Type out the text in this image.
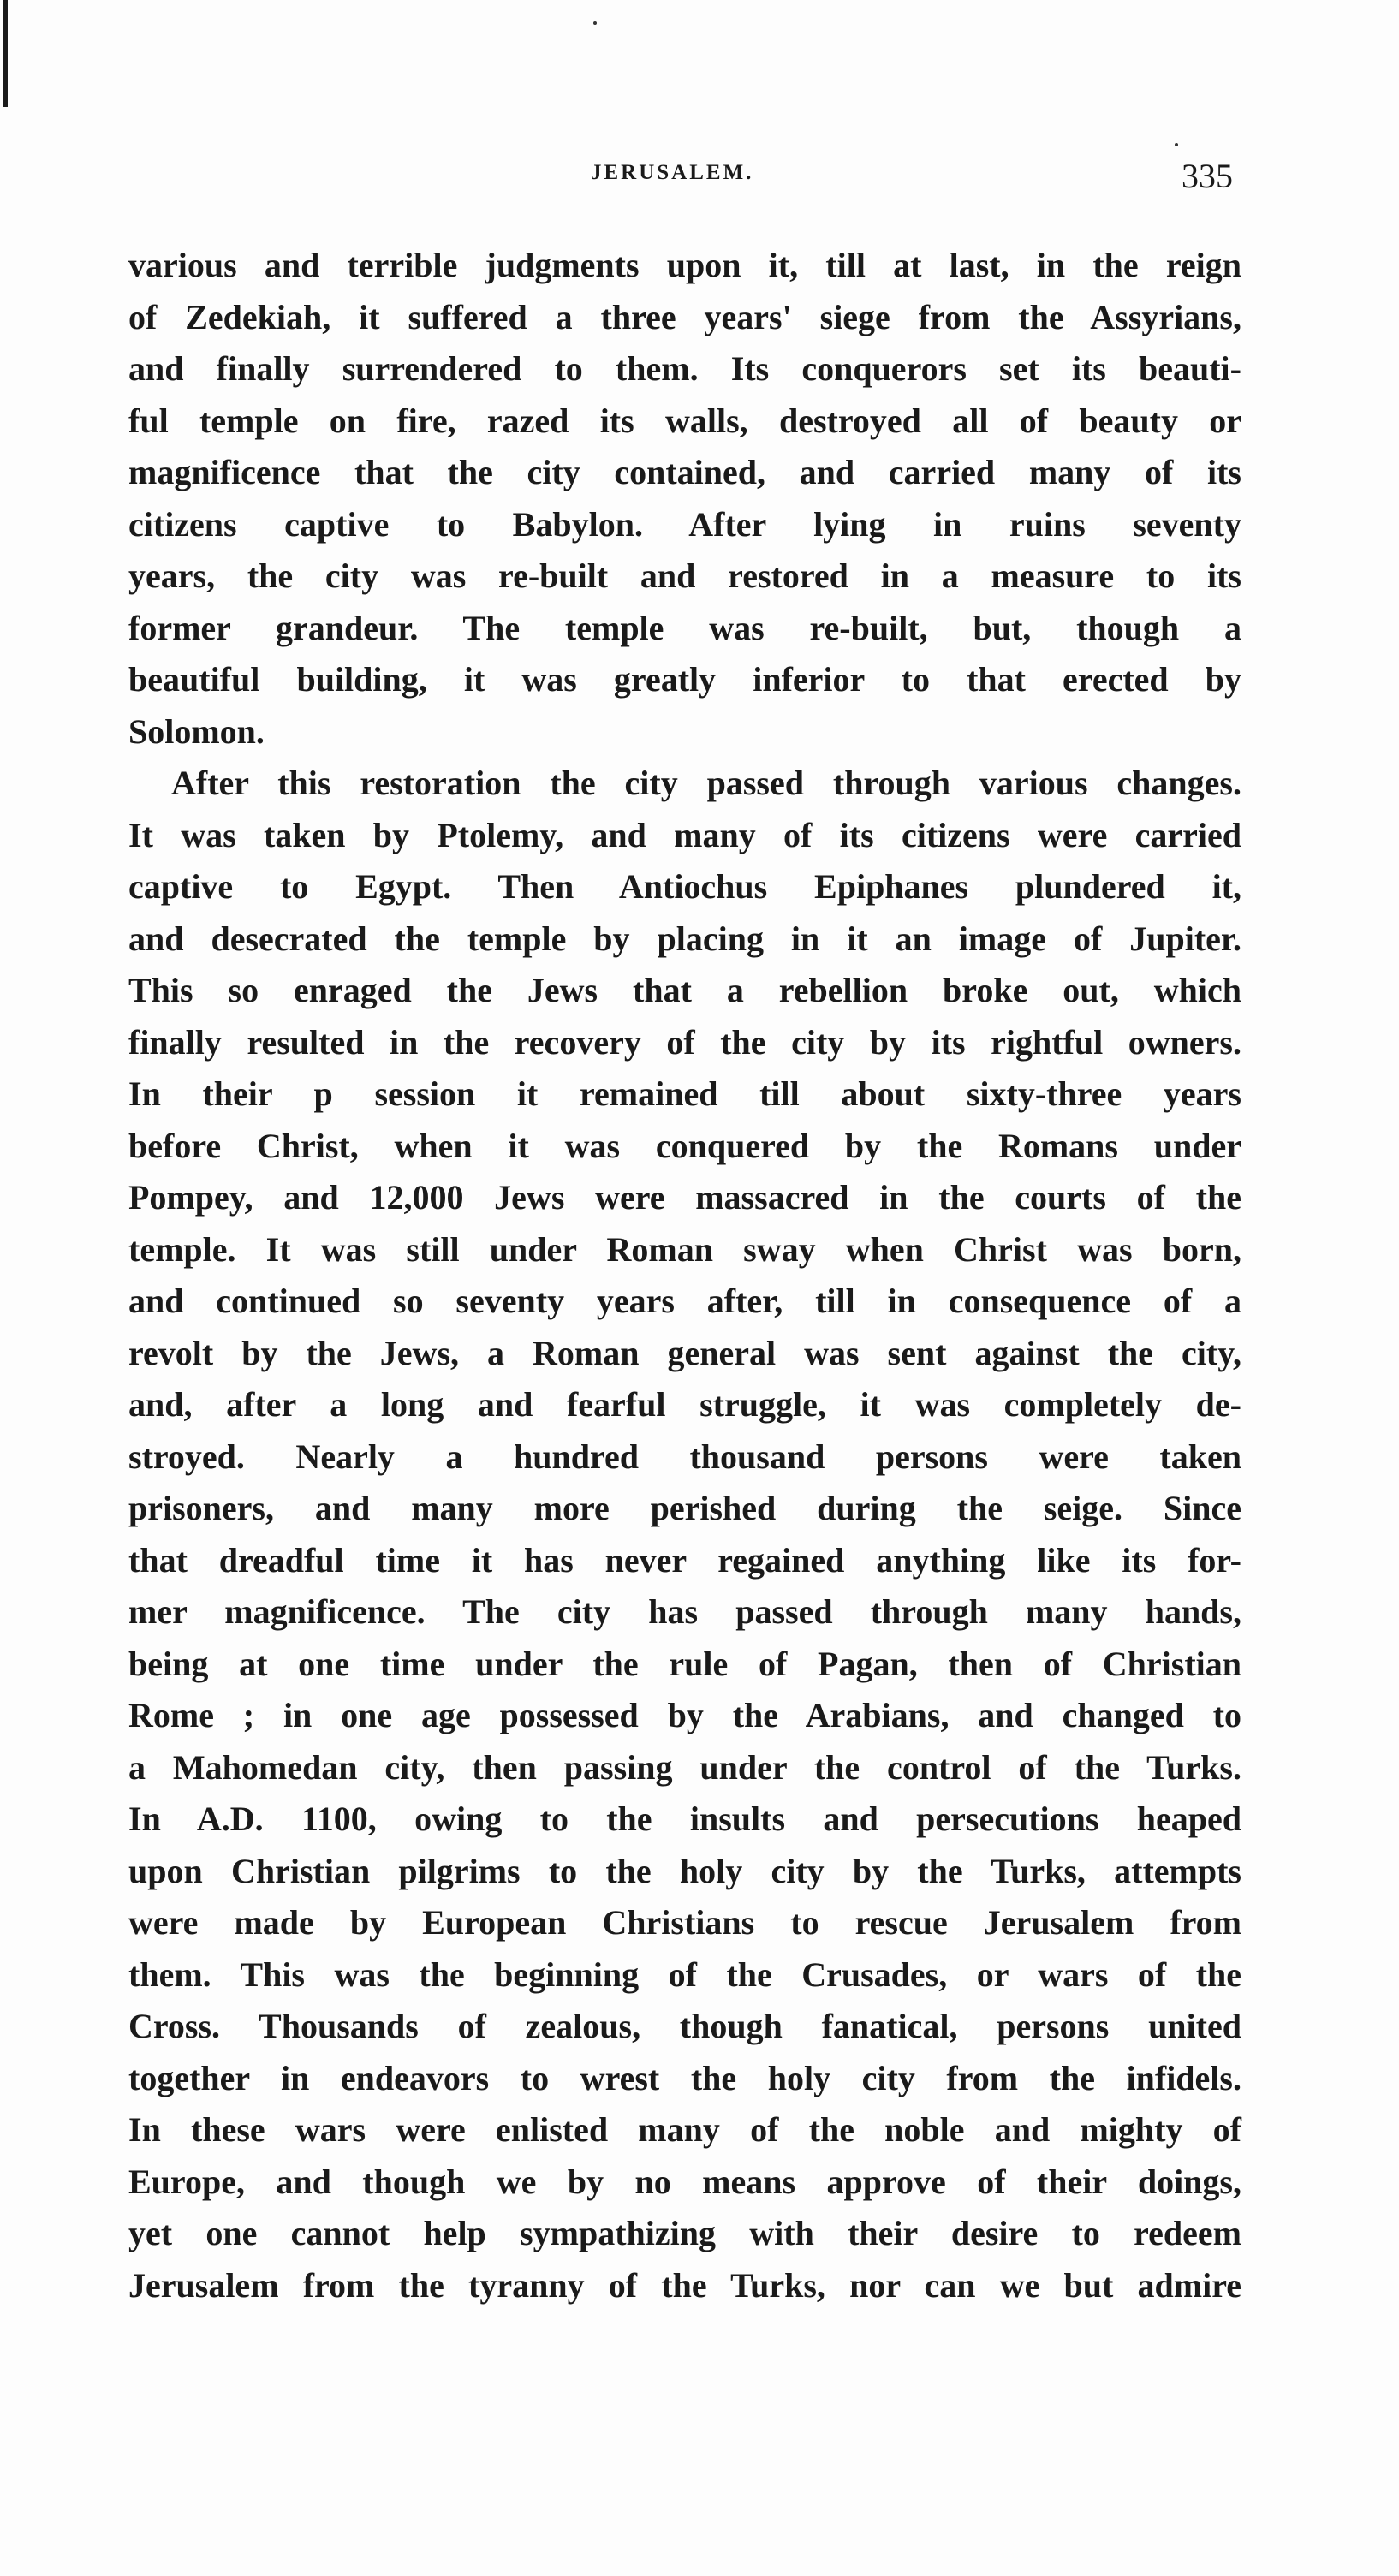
JERUSALEM.	335
various and terrible judgments upon it, till at last, in the reign
of Zedekiah, it suffered a three years' siege from the Assyrians,
and finally surrendered to them. Its conquerors set its beauti-
ful temple on fire, razed its walls, destroyed all of beauty or
magnificence that the city contained, and carried many of its
citizens captive to Babylon. After lying in ruins seventy
years, the city was re-built and restored in a measure to its
former grandeur. The temple was re-built, but, though a
beautiful building, it was greatly inferior to that erected by
Solomon.
After this restoration the city passed through various changes.
It was taken by Ptolemy, and many of its citizens were carried
captive to Egypt. Then Antiochus Epiphanes plundered it,
and desecrated the temple by placing in it an image of Jupiter.
This so enraged the Jews that a rebellion broke out, which
finally resulted in the recovery of the city by its rightful owners.
In their p session it remained till about sixty-three years
before Christ, when it was conquered by the Romans under
Pompey, and 12,000 Jews were massacred in the courts of the
temple. It was still under Roman sway when Christ was born,
and continued so seventy years after, till in consequence of a
revolt by the Jews, a Roman general was sent against the city,
and, after a long and fearful struggle, it was completely de-
stroyed. Nearly a hundred thousand persons were taken
prisoners, and many more perished during the seige. Since
that dreadful time it has never regained anything like its for-
mer magnificence. The city has passed through many hands,
being at one time under the rule of Pagan, then of Christian
Rome ; in one age possessed by the Arabians, and changed to
a Mahomedan city, then passing under the control of the Turks.
In A.D. 1100, owing to the insults and persecutions heaped
upon Christian pilgrims to the holy city by the Turks, attempts
were made by European Christians to rescue Jerusalem from
them. This was the beginning of the Crusades, or wars of the
Cross. Thousands of zealous, though fanatical, persons united
together in endeavors to wrest the holy city from the infidels.
In these wars were enlisted many of the noble and mighty of
Europe, and though we by no means approve of their doings,
yet one cannot help sympathizing with their desire to redeem
Jerusalem from the tyranny of the Turks, nor can we but admire
